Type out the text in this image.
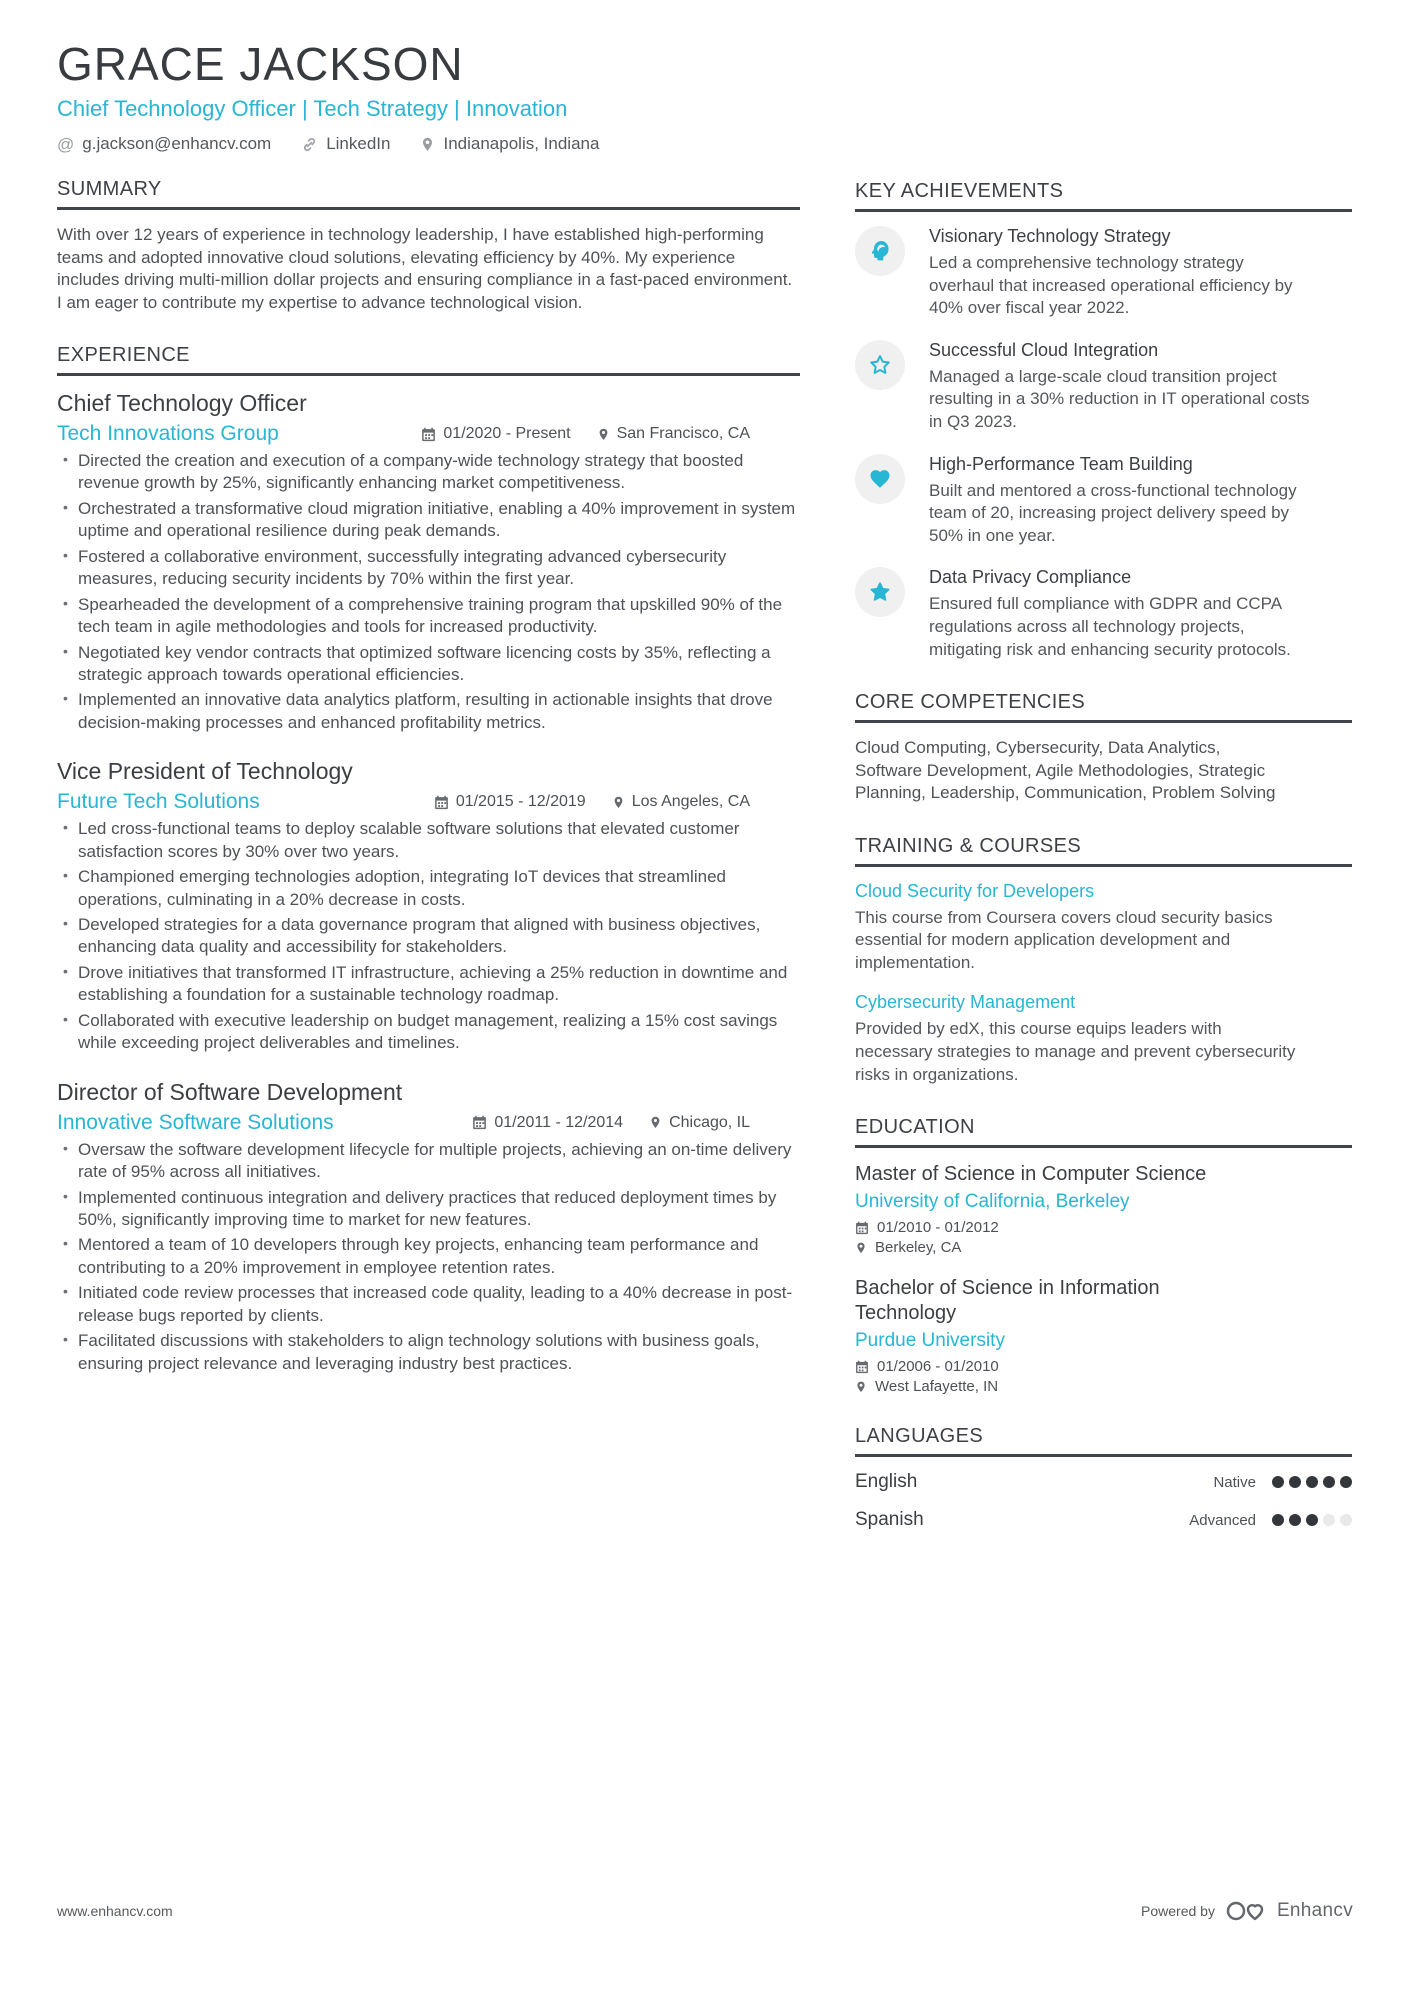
GRACE JACKSON
Chief Technology Officer | Tech Strategy | Innovation
@ g.jackson@enhancv.com	LinkedIn	Indianapolis, Indiana
SUMMARY
With over 12 years of experience in technology leadership, I have established high-performing teams and adopted innovative cloud solutions, elevating efficiency by 40%. My experience includes driving multi-million dollar projects and ensuring compliance in a fast-paced environment. I am eager to contribute my expertise to advance technological vision.
EXPERIENCE
Chief Technology Officer
Tech Innovations Group	01/2020 - Present	San Francisco, CA
• Directed the creation and execution of a company-wide technology strategy that boosted revenue growth by 25%, significantly enhancing market competitiveness.
• Orchestrated a transformative cloud migration initiative, enabling a 40% improvement in system uptime and operational resilience during peak demands.
• Fostered a collaborative environment, successfully integrating advanced cybersecurity measures, reducing security incidents by 70% within the first year.
• Spearheaded the development of a comprehensive training program that upskilled 90% of the tech team in agile methodologies and tools for increased productivity.
• Negotiated key vendor contracts that optimized software licencing costs by 35%, reflecting a strategic approach towards operational efficiencies.
• Implemented an innovative data analytics platform, resulting in actionable insights that drove decision-making processes and enhanced profitability metrics.
Vice President of Technology
Future Tech Solutions	01/2015 - 12/2019	Los Angeles, CA
• Led cross-functional teams to deploy scalable software solutions that elevated customer satisfaction scores by 30% over two years.
• Championed emerging technologies adoption, integrating IoT devices that streamlined operations, culminating in a 20% decrease in costs.
• Developed strategies for a data governance program that aligned with business objectives, enhancing data quality and accessibility for stakeholders.
• Drove initiatives that transformed IT infrastructure, achieving a 25% reduction in downtime and establishing a foundation for a sustainable technology roadmap.
• Collaborated with executive leadership on budget management, realizing a 15% cost savings while exceeding project deliverables and timelines.
Director of Software Development
Innovative Software Solutions	01/2011 - 12/2014	Chicago, IL
• Oversaw the software development lifecycle for multiple projects, achieving an on-time delivery rate of 95% across all initiatives.
• Implemented continuous integration and delivery practices that reduced deployment times by 50%, significantly improving time to market for new features.
• Mentored a team of 10 developers through key projects, enhancing team performance and contributing to a 20% improvement in employee retention rates.
• Initiated code review processes that increased code quality, leading to a 40% decrease in post-release bugs reported by clients.
• Facilitated discussions with stakeholders to align technology solutions with business goals, ensuring project relevance and leveraging industry best practices.
KEY ACHIEVEMENTS
Visionary Technology Strategy
Led a comprehensive technology strategy overhaul that increased operational efficiency by 40% over fiscal year 2022.
Successful Cloud Integration
Managed a large-scale cloud transition project resulting in a 30% reduction in IT operational costs in Q3 2023.
High-Performance Team Building
Built and mentored a cross-functional technology team of 20, increasing project delivery speed by 50% in one year.
Data Privacy Compliance
Ensured full compliance with GDPR and CCPA regulations across all technology projects, mitigating risk and enhancing security protocols.
CORE COMPETENCIES
Cloud Computing, Cybersecurity, Data Analytics, Software Development, Agile Methodologies, Strategic Planning, Leadership, Communication, Problem Solving
TRAINING & COURSES
Cloud Security for Developers
This course from Coursera covers cloud security basics essential for modern application development and implementation.
Cybersecurity Management
Provided by edX, this course equips leaders with necessary strategies to manage and prevent cybersecurity risks in organizations.
EDUCATION
Master of Science in Computer Science
University of California, Berkeley
01/2010 - 01/2012
Berkeley, CA
Bachelor of Science in Information Technology
Purdue University
01/2006 - 01/2010
West Lafayette, IN
LANGUAGES
English	Native
Spanish	Advanced
www.enhancv.com	Powered by	Enhancv
